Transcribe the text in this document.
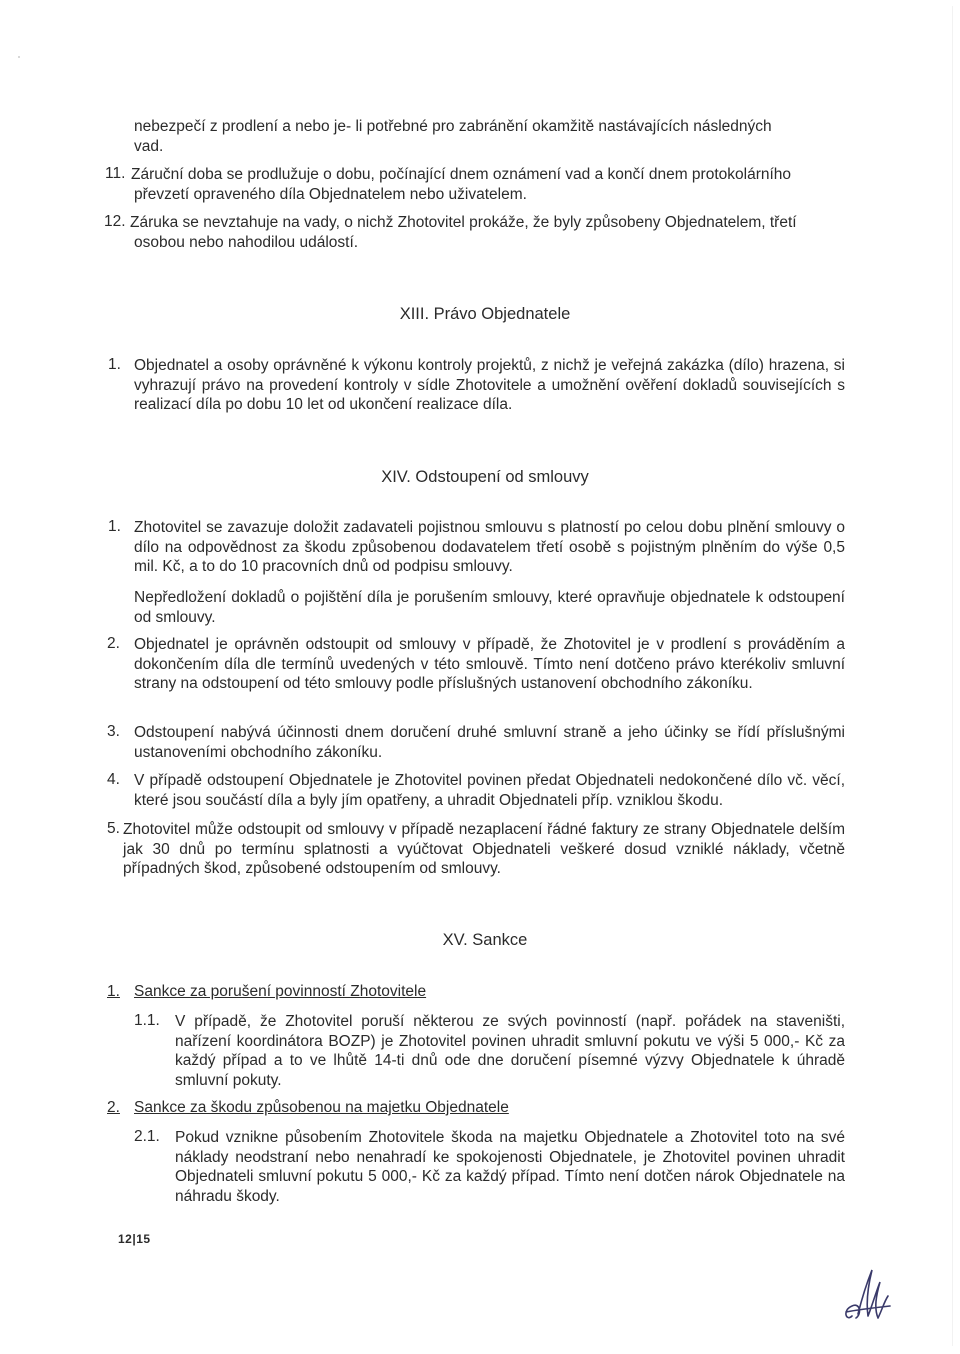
nebezpečí z prodlení a nebo je- li potřebné pro zabránění okamžitě nastávajících následných
vad.
11. Záruční doba se prodlužuje o dobu, počínající dnem oznámení vad a končí dnem protokolárního
převzetí opraveného díla Objednatelem nebo uživatelem.
12. Záruka se nevztahuje na vady, o nichž Zhotovitel prokáže, že byly způsobeny Objednatelem, třetí
osobou nebo nahodilou událostí.
XIII. Právo Objednatele
1. Objednatel a osoby oprávněné k výkonu kontroly projektů, z nichž je veřejná zakázka (dílo) hrazena, si vyhrazují právo na provedení kontroly v sídle Zhotovitele a umožnění ověření dokladů souvisejících s realizací díla po dobu 10 let od ukončení realizace díla.
XIV. Odstoupení od smlouvy
1. Zhotovitel se zavazuje doložit zadavateli pojistnou smlouvu s platností po celou dobu plnění smlouvy o dílo na odpovědnost za škodu způsobenou dodavatelem třetí osobě s pojistným plněním do výše 0,5 mil. Kč, a to do 10 pracovních dnů od podpisu smlouvy.
Nepředložení dokladů o pojištění díla je porušením smlouvy, které opravňuje objednatele k odstoupení od smlouvy.
2. Objednatel je oprávněn odstoupit od smlouvy v případě, že Zhotovitel je v prodlení s prováděním a dokončením díla dle termínů uvedených v této smlouvě. Tímto není dotčeno právo kterékoliv smluvní strany na odstoupení od této smlouvy podle příslušných ustanovení obchodního zákoníku.
3. Odstoupení nabývá účinnosti dnem doručení druhé smluvní straně a jeho účinky se řídí příslušnými ustanoveními obchodního zákoníku.
4. V případě odstoupení Objednatele je Zhotovitel povinen předat Objednateli nedokončené dílo vč. věcí, které jsou součástí díla a byly jím opatřeny, a uhradit Objednateli příp. vzniklou škodu.
5. Zhotovitel může odstoupit od smlouvy v případě nezaplacení řádné faktury ze strany Objednatele delším jak 30 dnů po termínu splatnosti a vyúčtovat Objednateli veškeré dosud vzniklé náklady, včetně případných škod, způsobené odstoupením od smlouvy.
XV. Sankce
1. Sankce za porušení povinností Zhotovitele
1.1. V případě, že Zhotovitel poruší některou ze svých povinností (např. pořádek na staveništi, nařízení koordinátora BOZP) je Zhotovitel povinen uhradit smluvní pokutu ve výši 5 000,- Kč za každý případ a to ve lhůtě 14-ti dnů ode dne doručení písemné výzvy Objednatele k úhradě smluvní pokuty.
2. Sankce za škodu způsobenou na majetku Objednatele
2.1. Pokud vznikne působením Zhotovitele škoda na majetku Objednatele a Zhotovitel toto na své náklady neodstraní nebo nenahradí ke spokojenosti Objednatele, je Zhotovitel povinen uhradit Objednateli smluvní pokutu 5 000,- Kč za každý případ. Tímto není dotčen nárok Objednatele na náhradu škody.
12|15
